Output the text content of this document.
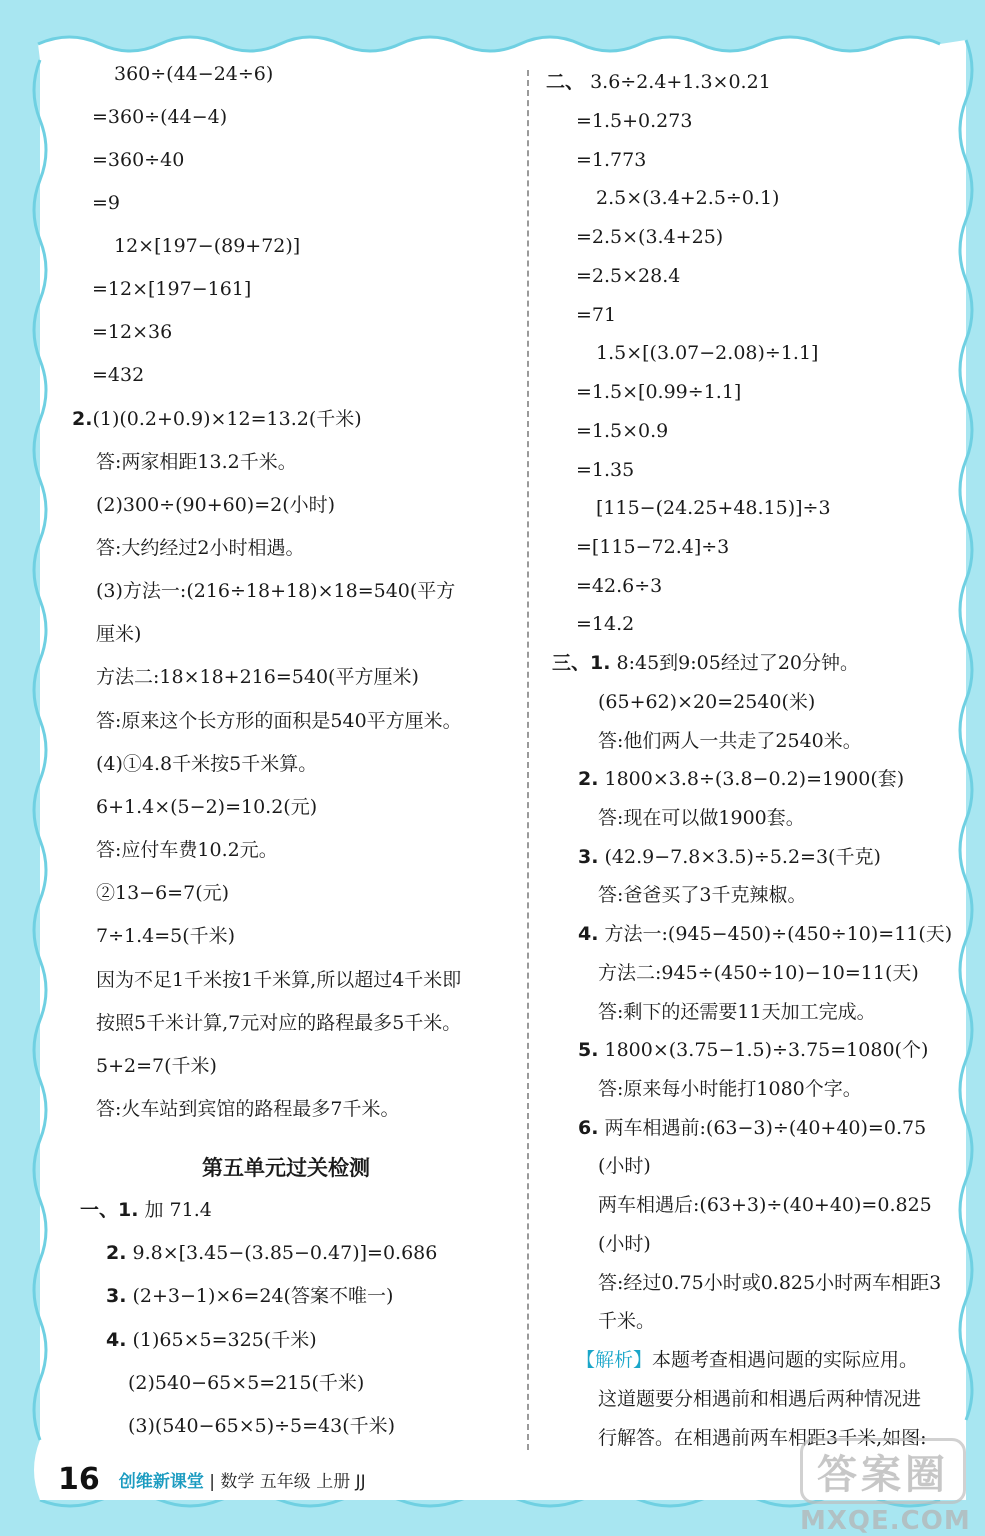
360÷(44−24÷6)
=360÷(44−4)
=360÷40
=9
12×[197−(89+72)]
=12×[197−161]
=12×36
=432
2.(1)(0.2+0.9)×12=13.2(千米)
答:两家相距13.2千米。
(2)300÷(90+60)=2(小时)
答:大约经过2小时相遇。
(3)方法一:(216÷18+18)×18=540(平方
厘米)
方法二:18×18+216=540(平方厘米)
答:原来这个长方形的面积是540平方厘米。
(4)①4.8千米按5千米算。
6+1.4×(5−2)=10.2(元)
答:应付车费10.2元。
②13−6=7(元)
7÷1.4=5(千米)
因为不足1千米按1千米算,所以超过4千米即
按照5千米计算,7元对应的路程最多5千米。
5+2=7(千米)
答:火车站到宾馆的路程最多7千米。
第五单元过关检测
一、1. 加 71.4
2. 9.8×[3.45−(3.85−0.47)]=0.686
3. (2+3−1)×6=24(答案不唯一)
4. (1)65×5=325(千米)
(2)540−65×5=215(千米)
(3)(540−65×5)÷5=43(千米)
二、 3.6÷2.4+1.3×0.21
=1.5+0.273
=1.773
2.5×(3.4+2.5÷0.1)
=2.5×(3.4+25)
=2.5×28.4
=71
1.5×[(3.07−2.08)÷1.1]
=1.5×[0.99÷1.1]
=1.5×0.9
=1.35
[115−(24.25+48.15)]÷3
=[115−72.4]÷3
=42.6÷3
=14.2
三、1. 8:45到9:05经过了20分钟。
(65+62)×20=2540(米)
答:他们两人一共走了2540米。
2. 1800×3.8÷(3.8−0.2)=1900(套)
答:现在可以做1900套。
3. (42.9−7.8×3.5)÷5.2=3(千克)
答:爸爸买了3千克辣椒。
4. 方法一:(945−450)÷(450÷10)=11(天)
方法二:945÷(450÷10)−10=11(天)
答:剩下的还需要11天加工完成。
5. 1800×(3.75−1.5)÷3.75=1080(个)
答:原来每小时能打1080个字。
6. 两车相遇前:(63−3)÷(40+40)=0.75
(小时)
两车相遇后:(63+3)÷(40+40)=0.825
(小时)
答:经过0.75小时或0.825小时两车相距3
千米。
【解析】本题考查相遇问题的实际应用。
这道题要分相遇前和相遇后两种情况进
行解答。在相遇前两车相距3千米,如图:
16 创维新课堂 | 数学 五年级 上册 JJ	答案圈
MXQE.COM
